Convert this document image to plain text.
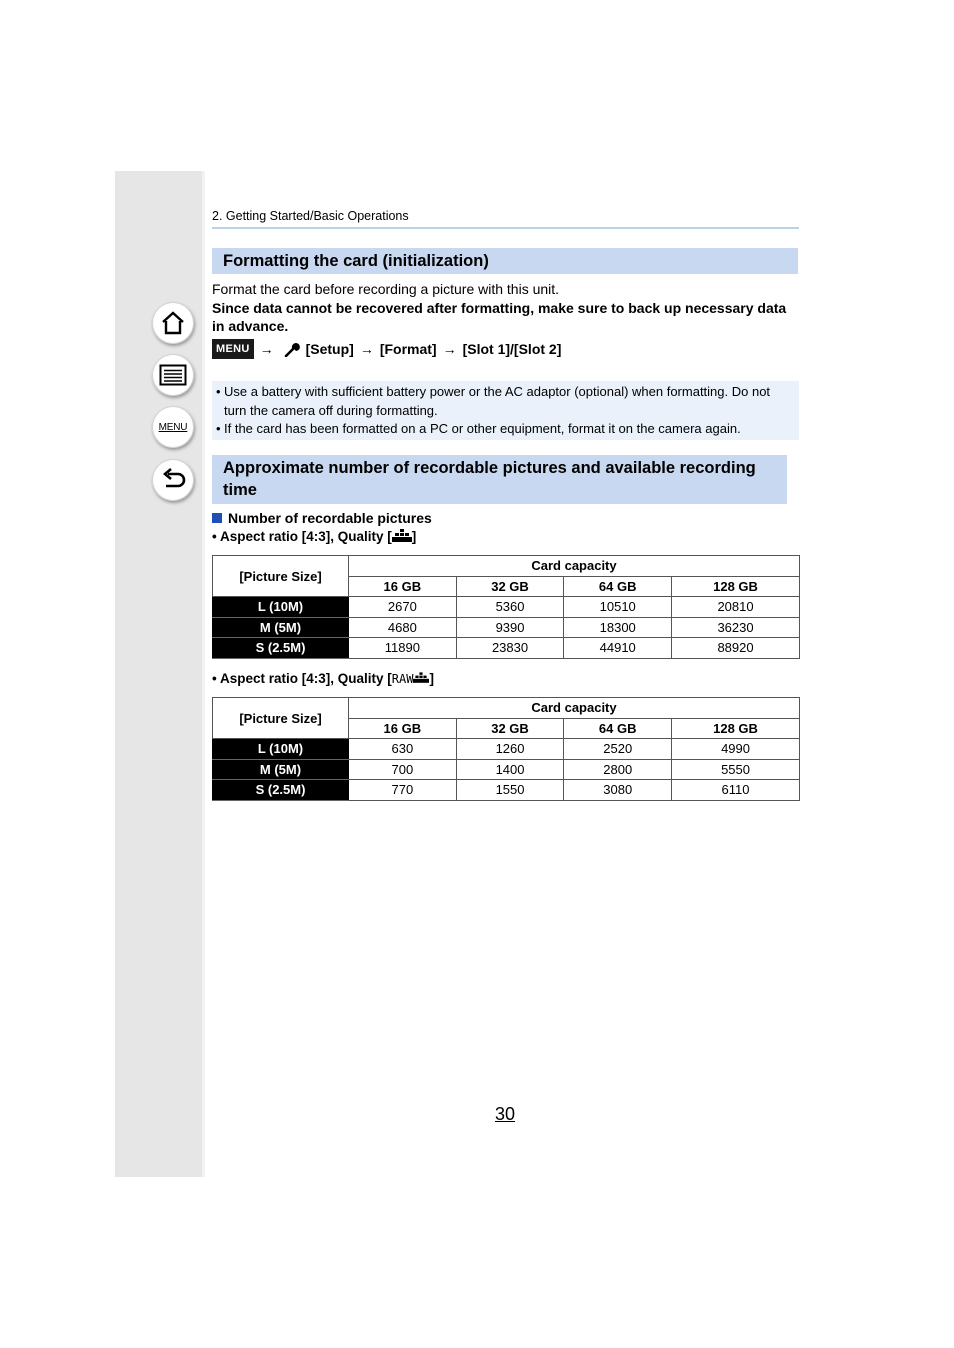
MENU
2. Getting Started/Basic Operations
Formatting the card (initialization)
Format the card before recording a picture with this unit.
Since data cannot be recovered after formatting, make sure to back up necessary data in advance.
MENU → [Setup] → [Format] → [Slot 1]/[Slot 2]
• Use a battery with sufficient battery power or the AC adaptor (optional) when formatting. Do not turn the camera off during formatting.
• If the card has been formatted on a PC or other equipment, format it on the camera again.
Approximate number of recordable pictures and available recording time
Number of recordable pictures
• Aspect ratio [4:3], Quality [ ]
[Picture Size]	Card capacity			
	16 GB	32 GB	64 GB	128 GB
L (10M)	2670	5360	10510	20810
M (5M)	4680	9390	18300	36230
S (2.5M)	11890	23830	44910	88920
• Aspect ratio [4:3], Quality [RAW ]
[Picture Size]	Card capacity			
	16 GB	32 GB	64 GB	128 GB
L (10M)	630	1260	2520	4990
M (5M)	700	1400	2800	5550
S (2.5M)	770	1550	3080	6110
30
